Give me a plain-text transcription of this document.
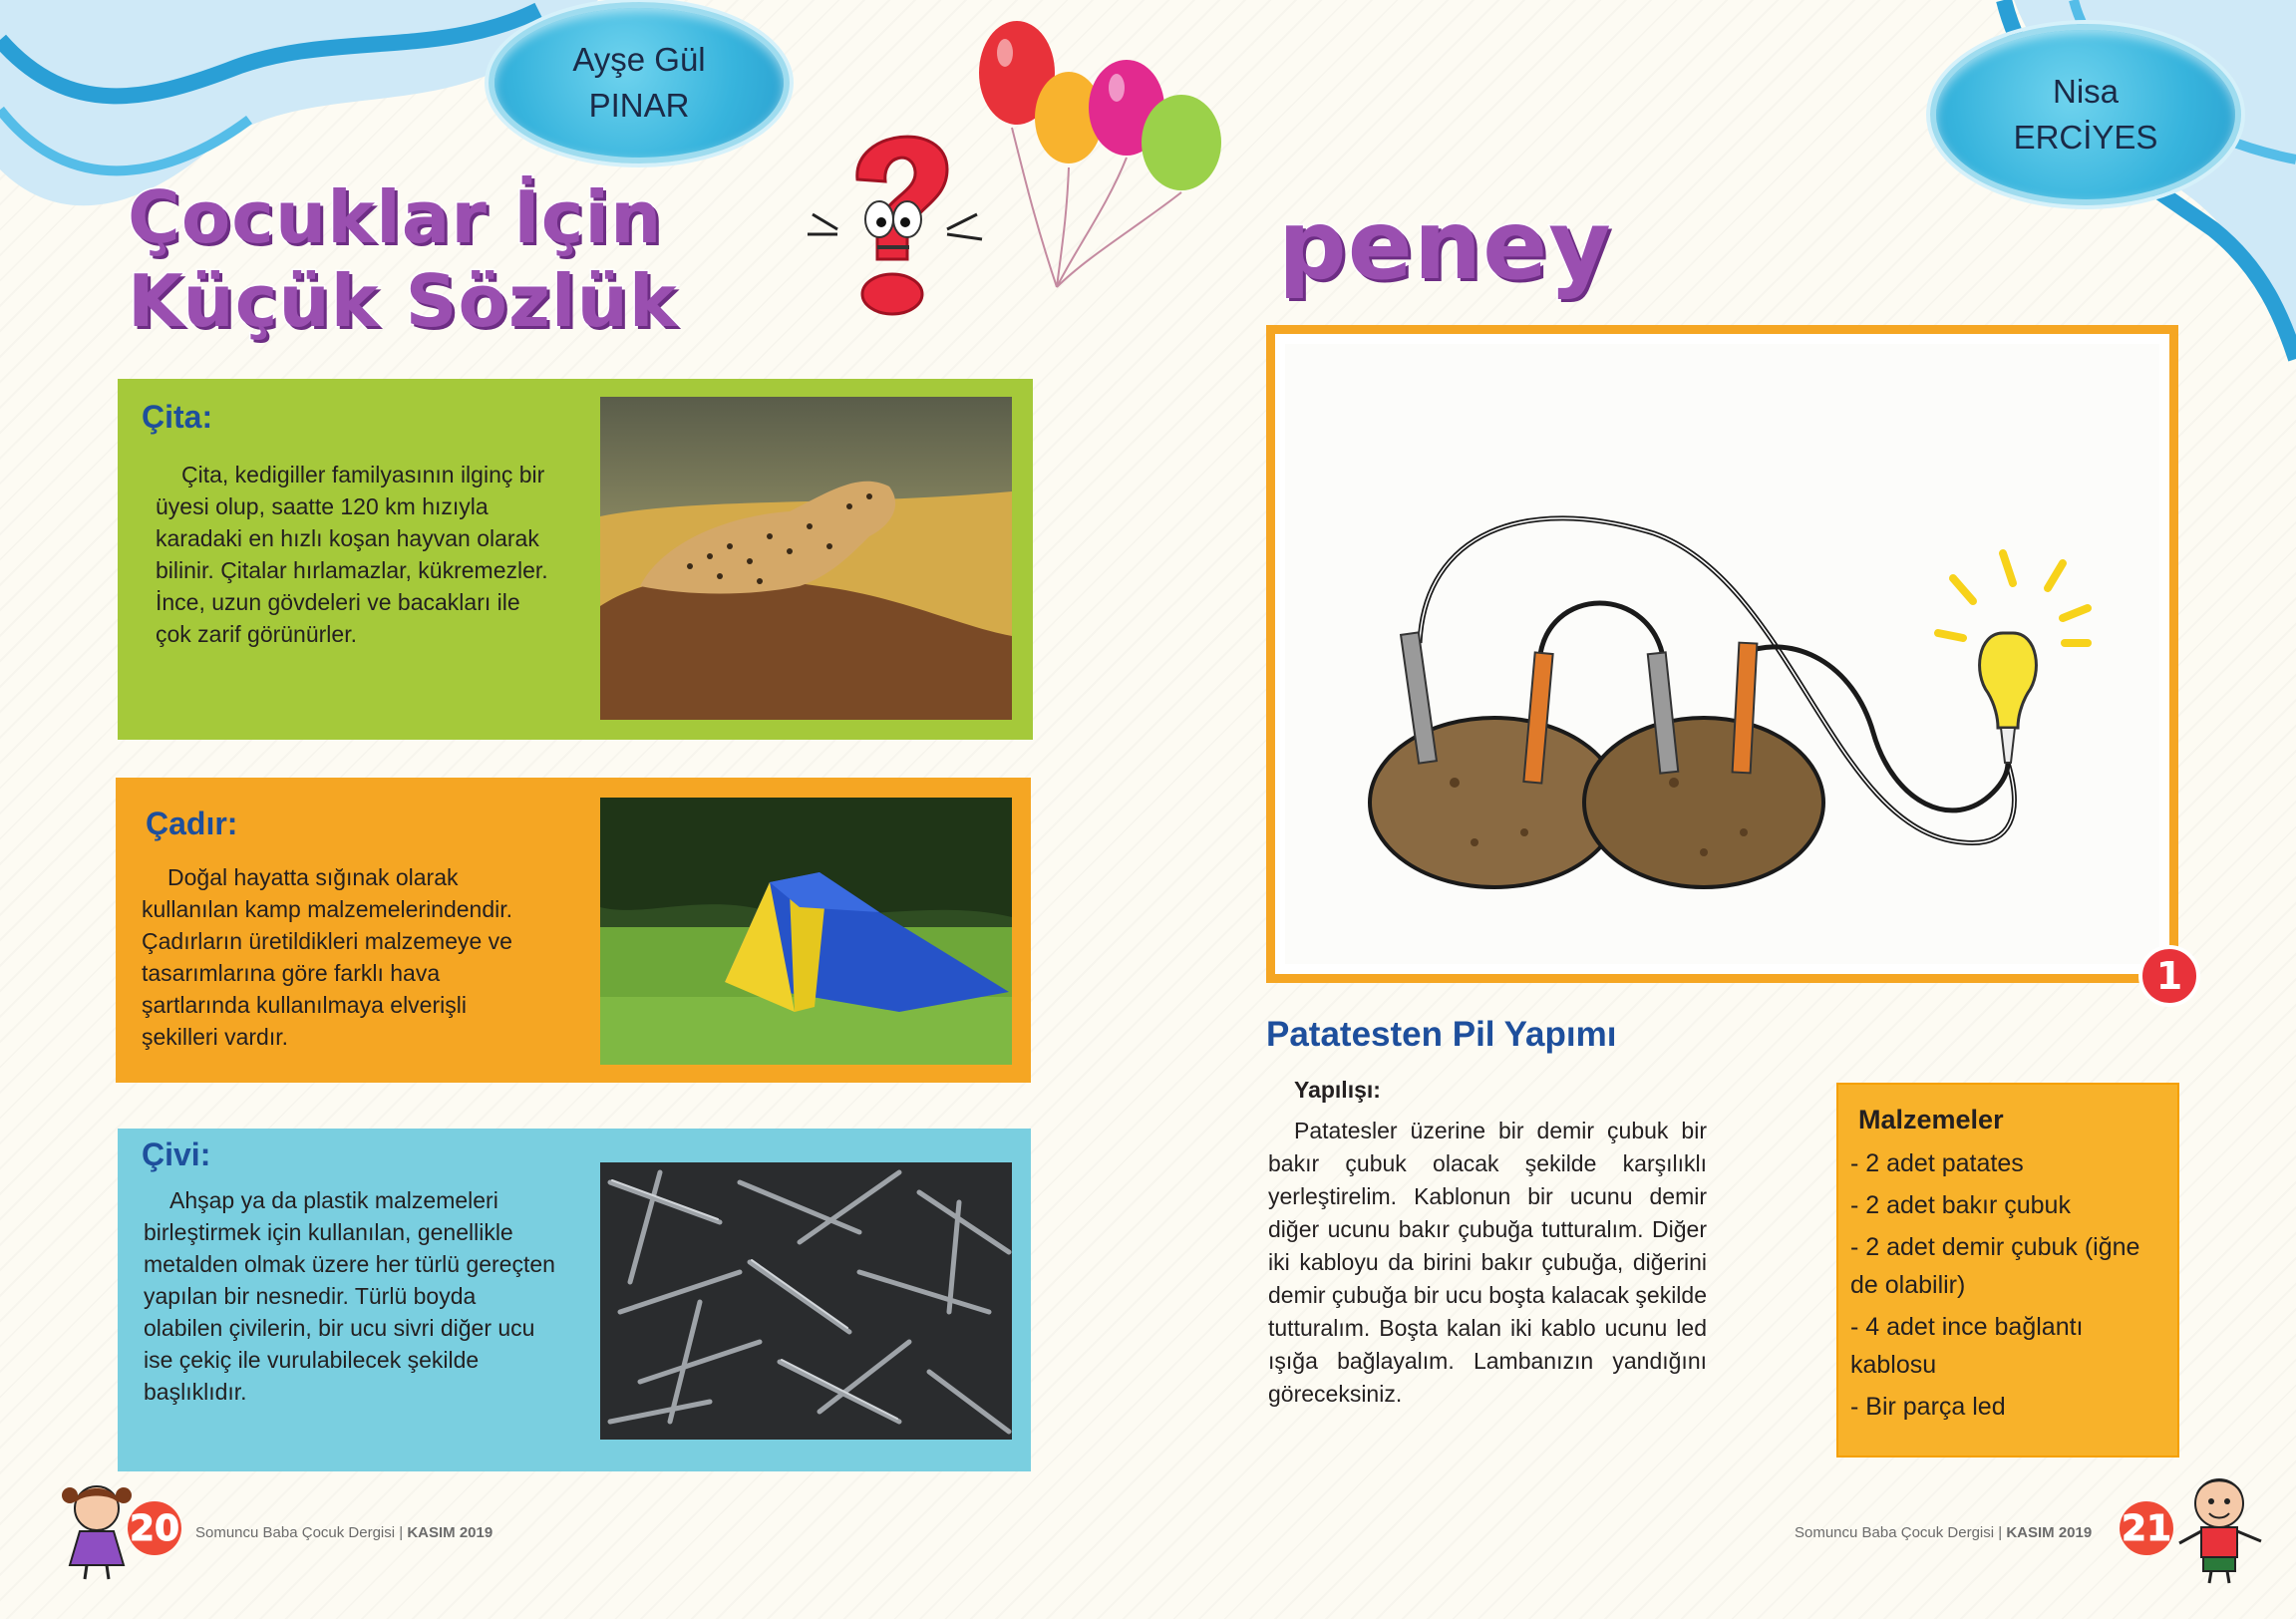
Ayşe Gül
PINAR
Çocuklar İçin
Küçük Sözlük
Çita:
Çita, kedigiller familyasının ilginç bir üyesi olup, saatte 120 km hızıyla karadaki en hızlı koşan hayvan olarak bilinir. Çitalar hırlamazlar, kükremezler. İnce, uzun gövdeleri ve bacakları ile çok zarif görünürler.
Çadır:
Doğal hayatta sığınak olarak kullanılan kamp malzemelerindendir. Çadırların üretildikleri malzemeye ve tasarımlarına göre farklı hava şartlarında kullanılmaya elverişli şekilleri vardır.
Çivi:
Ahşap ya da plastik malzemeleri birleştirmek için kullanılan, genellikle metalden olmak üzere her türlü gereçten yapılan bir nesnedir. Türlü boyda olabilen çivilerin, bir ucu sivri diğer ucu ise çekiç ile vurulabilecek şekilde başlıklıdır.
20 Somuncu Baba Çocuk Dergisi | KASIM 2019
Nisa
ERCİYES
peney
1
Patatesten Pil Yapımı
Yapılışı:
Patatesler üzerine bir demir çubuk bir bakır çubuk olacak şekilde karşılıklı yerleştirelim. Kablonun bir ucunu demir diğer ucunu bakır çubuğa tutturalım. Diğer iki kabloyu da birini bakır çubuğa, diğerini demir çubuğa bir ucu boşta kalacak şekilde tutturalım. Boşta kalan iki kablo ucunu led ışığa bağlayalım. Lambanızın yandığını göreceksiniz.
Malzemeler
- 2 adet patates
- 2 adet bakır çubuk
- 2 adet demir çubuk (iğne de olabilir)
- 4 adet ince bağlantı kablosu
- Bir parça led
Somuncu Baba Çocuk Dergisi | KASIM 2019 21
